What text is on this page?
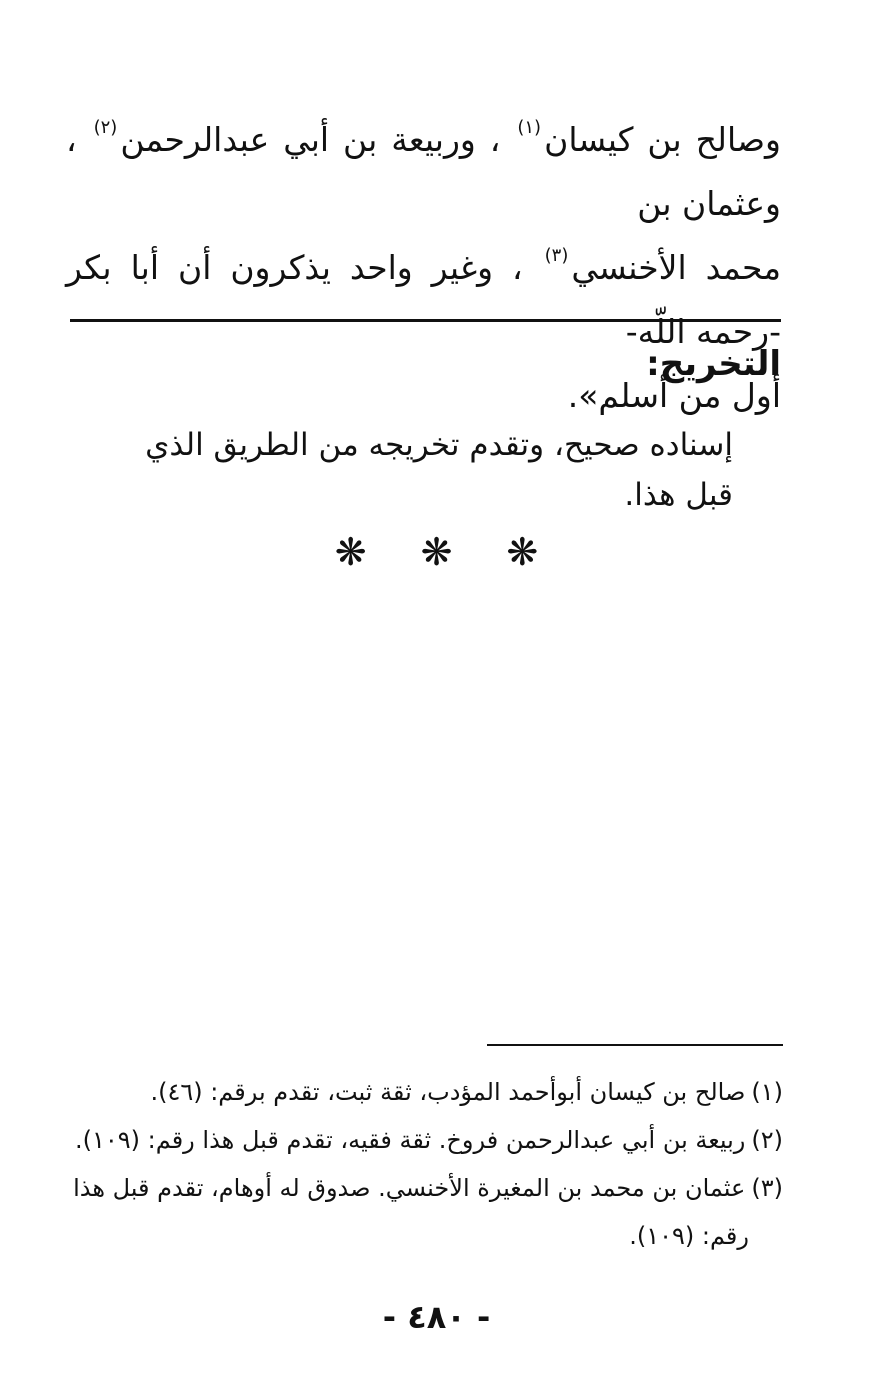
وصالح بن كيسان$^{(١)}$ ، وربيعة بن أبي عبدالرحمن$^{(٢)}$ ، وعثمان بن

محمد الأخنسي$^{(٣)}$ ، وغير واحد يذكرون أن أبا بكر -رحمه اللّه-

أول من أسلم».

التخريج:
إسناده صحيح، وتقدم تخريجه من الطريق الذي قبل هذا.
❋ ❋ ❋

(١)صالح بن كيسان أبوأحمد المؤدب، ثقة ثبت، تقدم برقم: (٤٦).

(٢)ربيعة بن أبي عبدالرحمن فروخ. ثقة فقيه، تقدم قبل هذا رقم: (١٠٩).

(٣)عثمان بن محمد بن المغيرة الأخنسي. صدوق له أوهام، تقدم قبل هذا
رقم: (١٠٩).

- ٤٨٠ -
